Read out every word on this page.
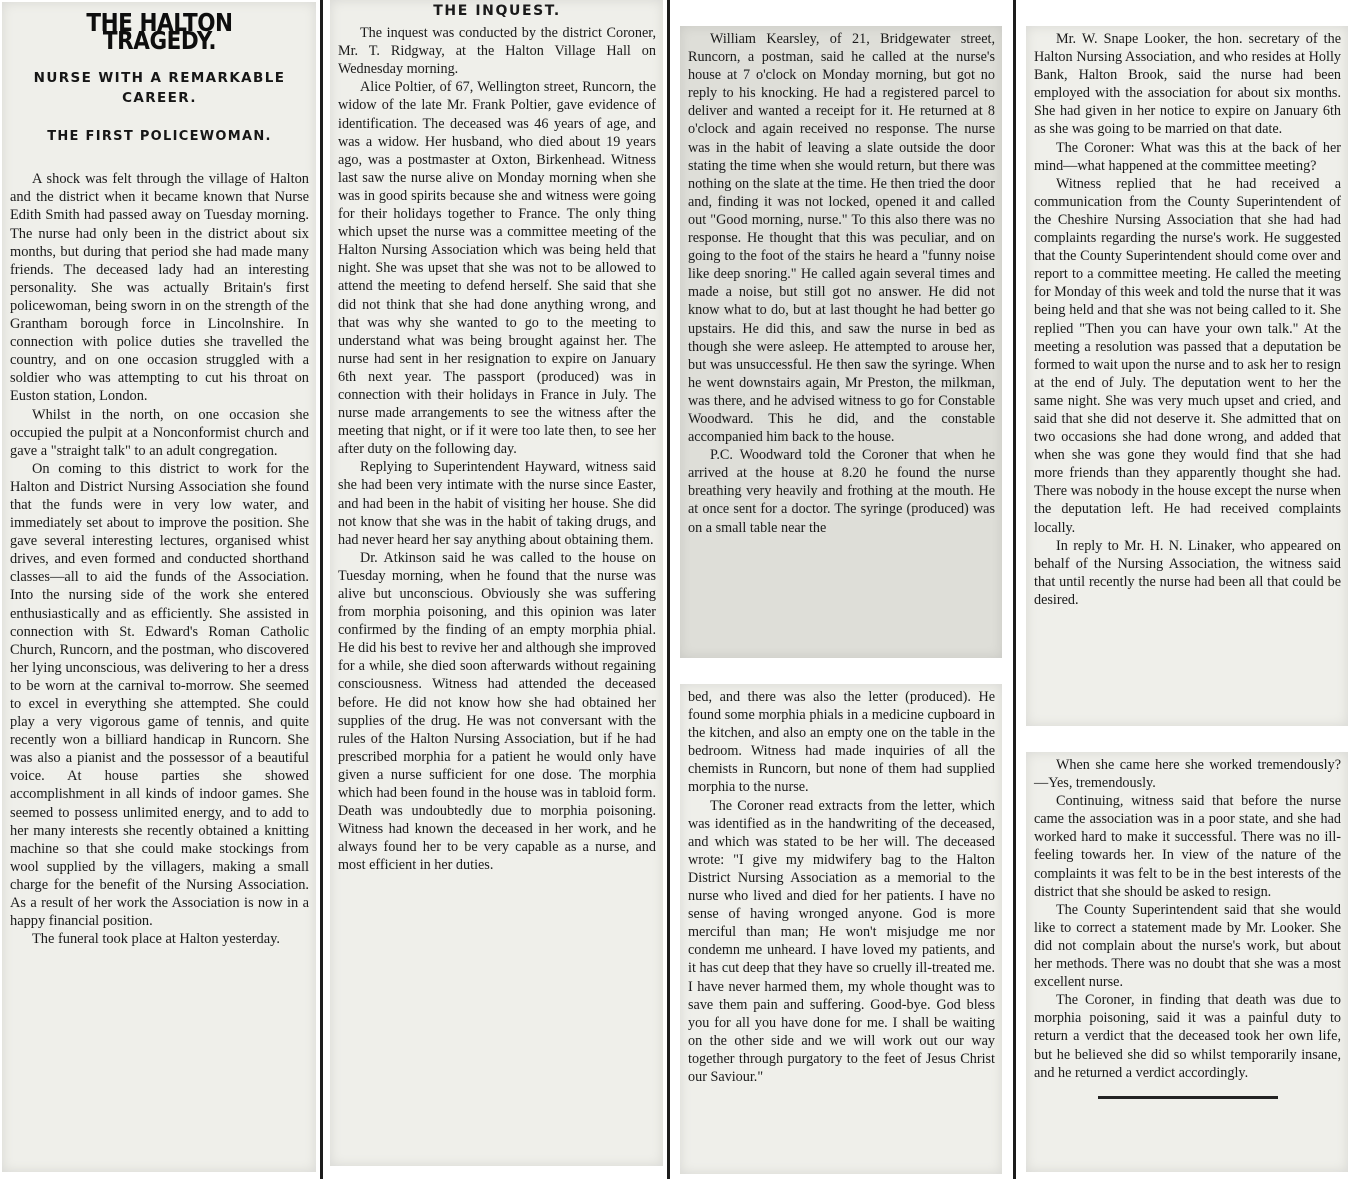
THE HALTON TRAGEDY.
NURSE WITH A REMARKABLE CAREER.
THE FIRST POLICEWOMAN.

A shock was felt through the village of Halton and the district when it became known that Nurse Edith Smith had passed away on Tuesday morning. The nurse had only been in the district about six months, but during that period she had made many friends. The deceased lady had an interesting personality. She was actually Britain's first policewoman, being sworn in on the strength of the Grantham borough force in Lincolnshire. In connection with police duties she travelled the country, and on one occasion struggled with a soldier who was attempting to cut his throat on Euston station, London.

Whilst in the north, on one occasion she occupied the pulpit at a Nonconformist church and gave a "straight talk" to an adult congregation.

On coming to this district to work for the Halton and District Nursing Association she found that the funds were in very low water, and immediately set about to improve the position. She gave several interesting lectures, organised whist drives, and even formed and conducted shorthand classes—all to aid the funds of the Association. Into the nursing side of the work she entered enthusiastically and as efficiently. She assisted in connection with St. Edward's Roman Catholic Church, Runcorn, and the postman, who discovered her lying unconscious, was delivering to her a dress to be worn at the carnival to-morrow. She seemed to excel in everything she attempted. She could play a very vigorous game of tennis, and quite recently won a billiard handicap in Runcorn. She was also a pianist and the possessor of a beautiful voice. At house parties she showed accomplishment in all kinds of indoor games. She seemed to possess unlimited energy, and to add to her many interests she recently obtained a knitting machine so that she could make stockings from wool supplied by the villagers, making a small charge for the benefit of the Nursing Association. As a result of her work the Association is now in a happy financial position.

The funeral took place at Halton yesterday.

THE INQUEST.

The inquest was conducted by the district Coroner, Mr. T. Ridgway, at the Halton Village Hall on Wednesday morning.

Alice Poltier, of 67, Wellington street, Runcorn, the widow of the late Mr. Frank Poltier, gave evidence of identification. The deceased was 46 years of age, and was a widow. Her husband, who died about 19 years ago, was a postmaster at Oxton, Birkenhead. Witness last saw the nurse alive on Monday morning when she was in good spirits because she and witness were going for their holidays together to France. The only thing which upset the nurse was a committee meeting of the Halton Nursing Association which was being held that night. She was upset that she was not to be allowed to attend the meeting to defend herself. She said that she did not think that she had done anything wrong, and that was why she wanted to go to the meeting to understand what was being brought against her. The nurse had sent in her resignation to expire on January 6th next year. The passport (produced) was in connection with their holidays in France in July. The nurse made arrangements to see the witness after the meeting that night, or if it were too late then, to see her after duty on the following day.

Replying to Superintendent Hayward, witness said she had been very intimate with the nurse since Easter, and had been in the habit of visiting her house. She did not know that she was in the habit of taking drugs, and had never heard her say anything about obtaining them.

Dr. Atkinson said he was called to the house on Tuesday morning, when he found that the nurse was alive but unconscious. Obviously she was suffering from morphia poisoning, and this opinion was later confirmed by the finding of an empty morphia phial. He did his best to revive her and although she improved for a while, she died soon afterwards without regaining consciousness. Witness had attended the deceased before. He did not know how she had obtained her supplies of the drug. He was not conversant with the rules of the Halton Nursing Association, but if he had prescribed morphia for a patient he would only have given a nurse sufficient for one dose. The morphia which had been found in the house was in tabloid form. Death was undoubtedly due to morphia poisoning. Witness had known the deceased in her work, and he always found her to be very capable as a nurse, and most efficient in her duties.

William Kearsley, of 21, Bridgewater street, Runcorn, a postman, said he called at the nurse's house at 7 o'clock on Monday morning, but got no reply to his knocking. He had a registered parcel to deliver and wanted a receipt for it. He returned at 8 o'clock and again received no response. The nurse was in the habit of leaving a slate outside the door stating the time when she would return, but there was nothing on the slate at the time. He then tried the door and, finding it was not locked, opened it and called out "Good morning, nurse." To this also there was no response. He thought that this was peculiar, and on going to the foot of the stairs he heard a "funny noise like deep snoring." He called again several times and made a noise, but still got no answer. He did not know what to do, but at last thought he had better go upstairs. He did this, and saw the nurse in bed as though she were asleep. He attempted to arouse her, but was unsuccessful. He then saw the syringe. When he went downstairs again, Mr Preston, the milkman, was there, and he advised witness to go for Constable Woodward. This he did, and the constable accompanied him back to the house.

P.C. Woodward told the Coroner that when he arrived at the house at 8.20 he found the nurse breathing very heavily and frothing at the mouth. He at once sent for a doctor. The syringe (produced) was on a small table near the

bed, and there was also the letter (produced). He found some morphia phials in a medicine cupboard in the kitchen, and also an empty one on the table in the bedroom. Witness had made inquiries of all the chemists in Runcorn, but none of them had supplied morphia to the nurse.

The Coroner read extracts from the letter, which was identified as in the handwriting of the deceased, and which was stated to be her will. The deceased wrote: "I give my midwifery bag to the Halton District Nursing Association as a memorial to the nurse who lived and died for her patients. I have no sense of having wronged anyone. God is more merciful than man; He won't misjudge me nor condemn me unheard. I have loved my patients, and it has cut deep that they have so cruelly ill-treated me. I have never harmed them, my whole thought was to save them pain and suffering. Good-bye. God bless you for all you have done for me. I shall be waiting on the other side and we will work out our way together through purgatory to the feet of Jesus Christ our Saviour."

Mr. W. Snape Looker, the hon. secretary of the Halton Nursing Association, and who resides at Holly Bank, Halton Brook, said the nurse had been employed with the association for about six months. She had given in her notice to expire on January 6th as she was going to be married on that date.

The Coroner: What was this at the back of her mind—what happened at the committee meeting?

Witness replied that he had received a communication from the County Superintendent of the Cheshire Nursing Association that she had had complaints regarding the nurse's work. He suggested that the County Superintendent should come over and report to a committee meeting. He called the meeting for Monday of this week and told the nurse that it was being held and that she was not being called to it. She replied "Then you can have your own talk." At the meeting a resolution was passed that a deputation be formed to wait upon the nurse and to ask her to resign at the end of July. The deputation went to her the same night. She was very much upset and cried, and said that she did not deserve it. She admitted that on two occasions she had done wrong, and added that when she was gone they would find that she had more friends than they apparently thought she had. There was nobody in the house except the nurse when the deputation left. He had received complaints locally.

In reply to Mr. H. N. Linaker, who appeared on behalf of the Nursing Association, the witness said that until recently the nurse had been all that could be desired.

When she came here she worked tremendously?—Yes, tremendously.

Continuing, witness said that before the nurse came the association was in a poor state, and she had worked hard to make it successful. There was no ill-feeling towards her. In view of the nature of the complaints it was felt to be in the best interests of the district that she should be asked to resign.

The County Superintendent said that she would like to correct a statement made by Mr. Looker. She did not complain about the nurse's work, but about her methods. There was no doubt that she was a most excellent nurse.

The Coroner, in finding that death was due to morphia poisoning, said it was a painful duty to return a verdict that the deceased took her own life, but he believed she did so whilst temporarily insane, and he returned a verdict accordingly.
